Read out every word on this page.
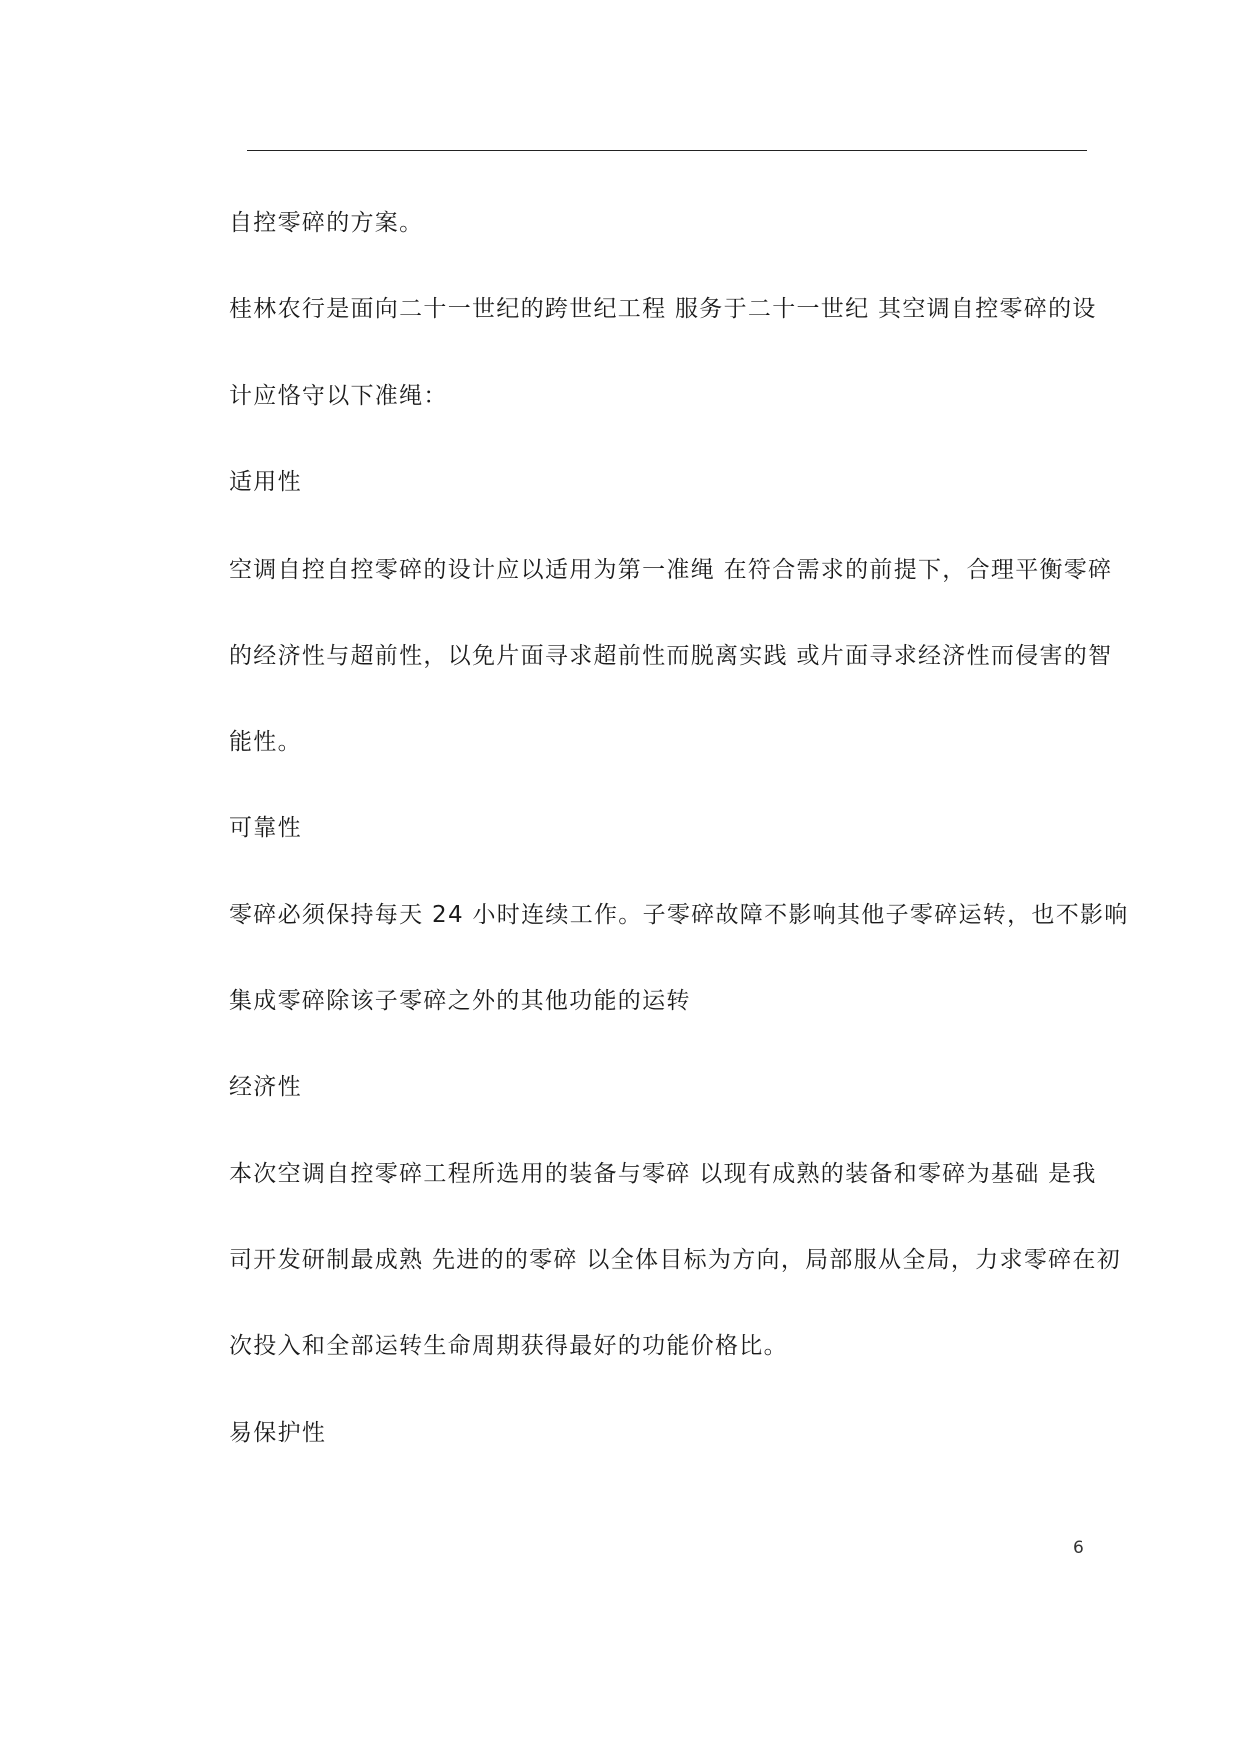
自控零碎的方案。
桂林农行是面向二十一世纪的跨世纪工程 服务于二十一世纪 其空调自控零碎的设
计应恪守以下准绳：
适用性
空调自控自控零碎的设计应以适用为第一准绳 在符合需求的前提下，合理平衡零碎
的经济性与超前性，以免片面寻求超前性而脱离实践 或片面寻求经济性而侵害的智
能性。
可靠性
零碎必须保持每天 24 小时连续工作。子零碎故障不影响其他子零碎运转，也不影响
集成零碎除该子零碎之外的其他功能的运转
经济性
本次空调自控零碎工程所选用的装备与零碎 以现有成熟的装备和零碎为基础 是我
司开发研制最成熟 先进的的零碎 以全体目标为方向，局部服从全局，力求零碎在初
次投入和全部运转生命周期获得最好的功能价格比。
易保护性
6
